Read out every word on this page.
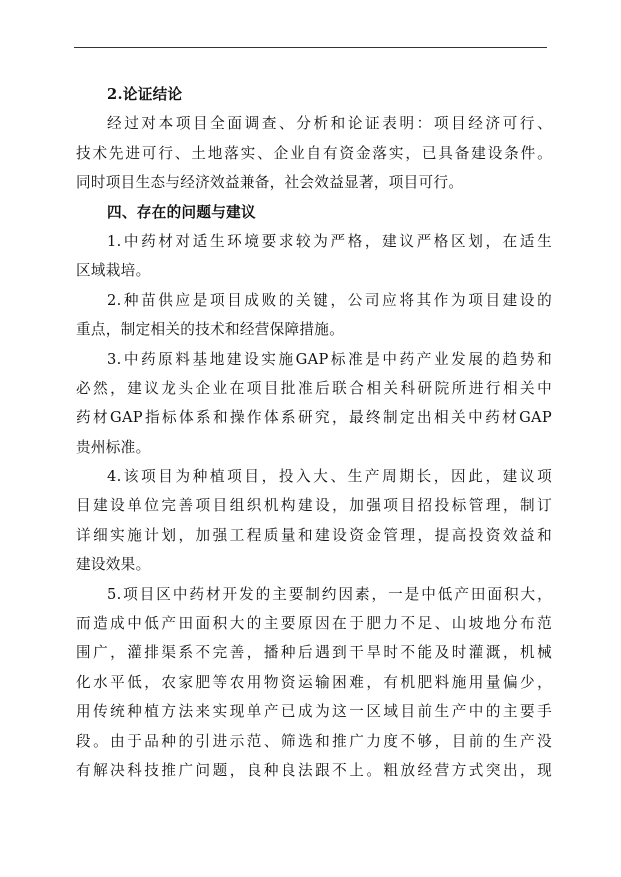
2.论证结论
经过对本项目全面调查、分析和论证表明：项目经济可行、
技术先进可行、土地落实、企业自有资金落实，已具备建设条件。
同时项目生态与经济效益兼备，社会效益显著，项目可行。
四、存在的问题与建议
1.中药材对适生环境要求较为严格，建议严格区划，在适生
区域栽培。
2.种苗供应是项目成败的关键，公司应将其作为项目建设的
重点，制定相关的技术和经营保障措施。
3.中药原料基地建设实施GAP标准是中药产业发展的趋势和
必然，建议龙头企业在项目批准后联合相关科研院所进行相关中
药材GAP指标体系和操作体系研究，最终制定出相关中药材GAP
贵州标准。
4.该项目为种植项目，投入大、生产周期长，因此，建议项
目建设单位完善项目组织机构建设，加强项目招投标管理，制订
详细实施计划，加强工程质量和建设资金管理，提高投资效益和
建设效果。
5.项目区中药材开发的主要制约因素，一是中低产田面积大，
而造成中低产田面积大的主要原因在于肥力不足、山坡地分布范
围广，灌排渠系不完善，播种后遇到干旱时不能及时灌溉，机械
化水平低，农家肥等农用物资运输困难，有机肥料施用量偏少，
用传统种植方法来实现单产已成为这一区域目前生产中的主要手
段。由于品种的引进示范、筛选和推广力度不够，目前的生产没
有解决科技推广问题，良种良法跟不上。粗放经营方式突出，现
